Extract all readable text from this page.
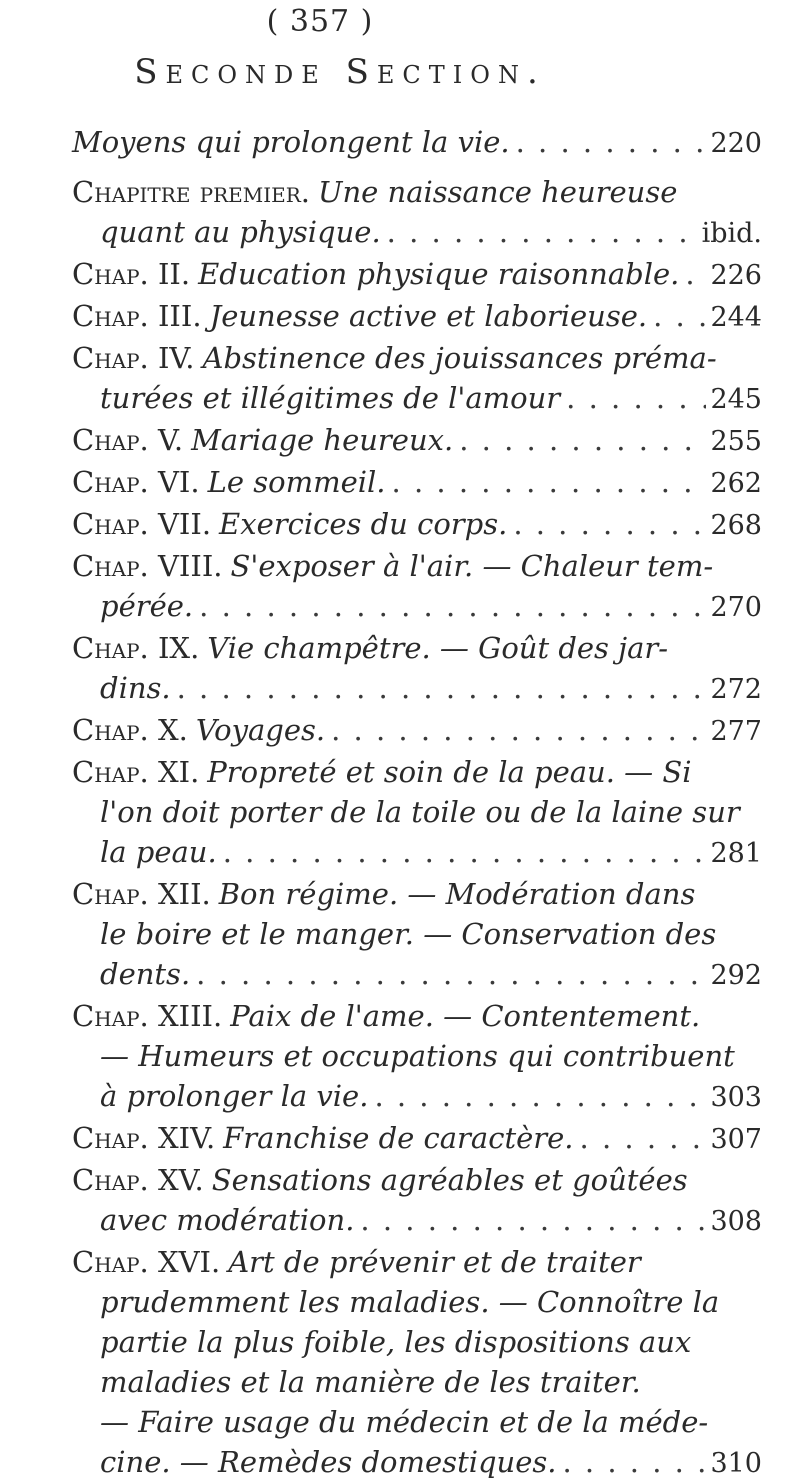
( 357 )
Seconde Section.
Moyens qui prolongent la vie. . . .	220
Chapitre premier. Une naissance heureuse
quant au physique. . . .	ibid.
Chap. II. Education physique raisonnable. . . . 226
Chap. III. Jeunesse active et laborieuse. . . . 244
Chap. IV. Abstinence des jouissances préma-
turées et illégitimes de l'amour . . .	245
Chap. V. Mariage heureux. . . .	255
Chap. VI. Le sommeil. . . .	262
Chap. VII. Exercices du corps. . . .	268
Chap. VIII. S'exposer à l'air. — Chaleur tem-
pérée. . . .	270
Chap. IX. Vie champêtre. — Goût des jar-
dins. . . .	272
Chap. X. Voyages. . . .	277
Chap. XI. Propreté et soin de la peau. — Si
l'on doit porter de la toile ou de la laine sur
la peau. . . .	281
Chap. XII. Bon régime. — Modération dans
le boire et le manger. — Conservation des
dents. . . .	292
Chap. XIII. Paix de l'ame. — Contentement.
— Humeurs et occupations qui contribuent
à prolonger la vie. . . .	303
Chap. XIV. Franchise de caractère. . . .	307
Chap. XV. Sensations agréables et goûtées
avec modération. . . .	308
Chap. XVI. Art de prévenir et de traiter
prudemment les maladies. — Connoître la
partie la plus foible, les dispositions aux
maladies et la manière de les traiter.
— Faire usage du médecin et de la méde-
cine. — Remèdes domestiques. . . .	310
